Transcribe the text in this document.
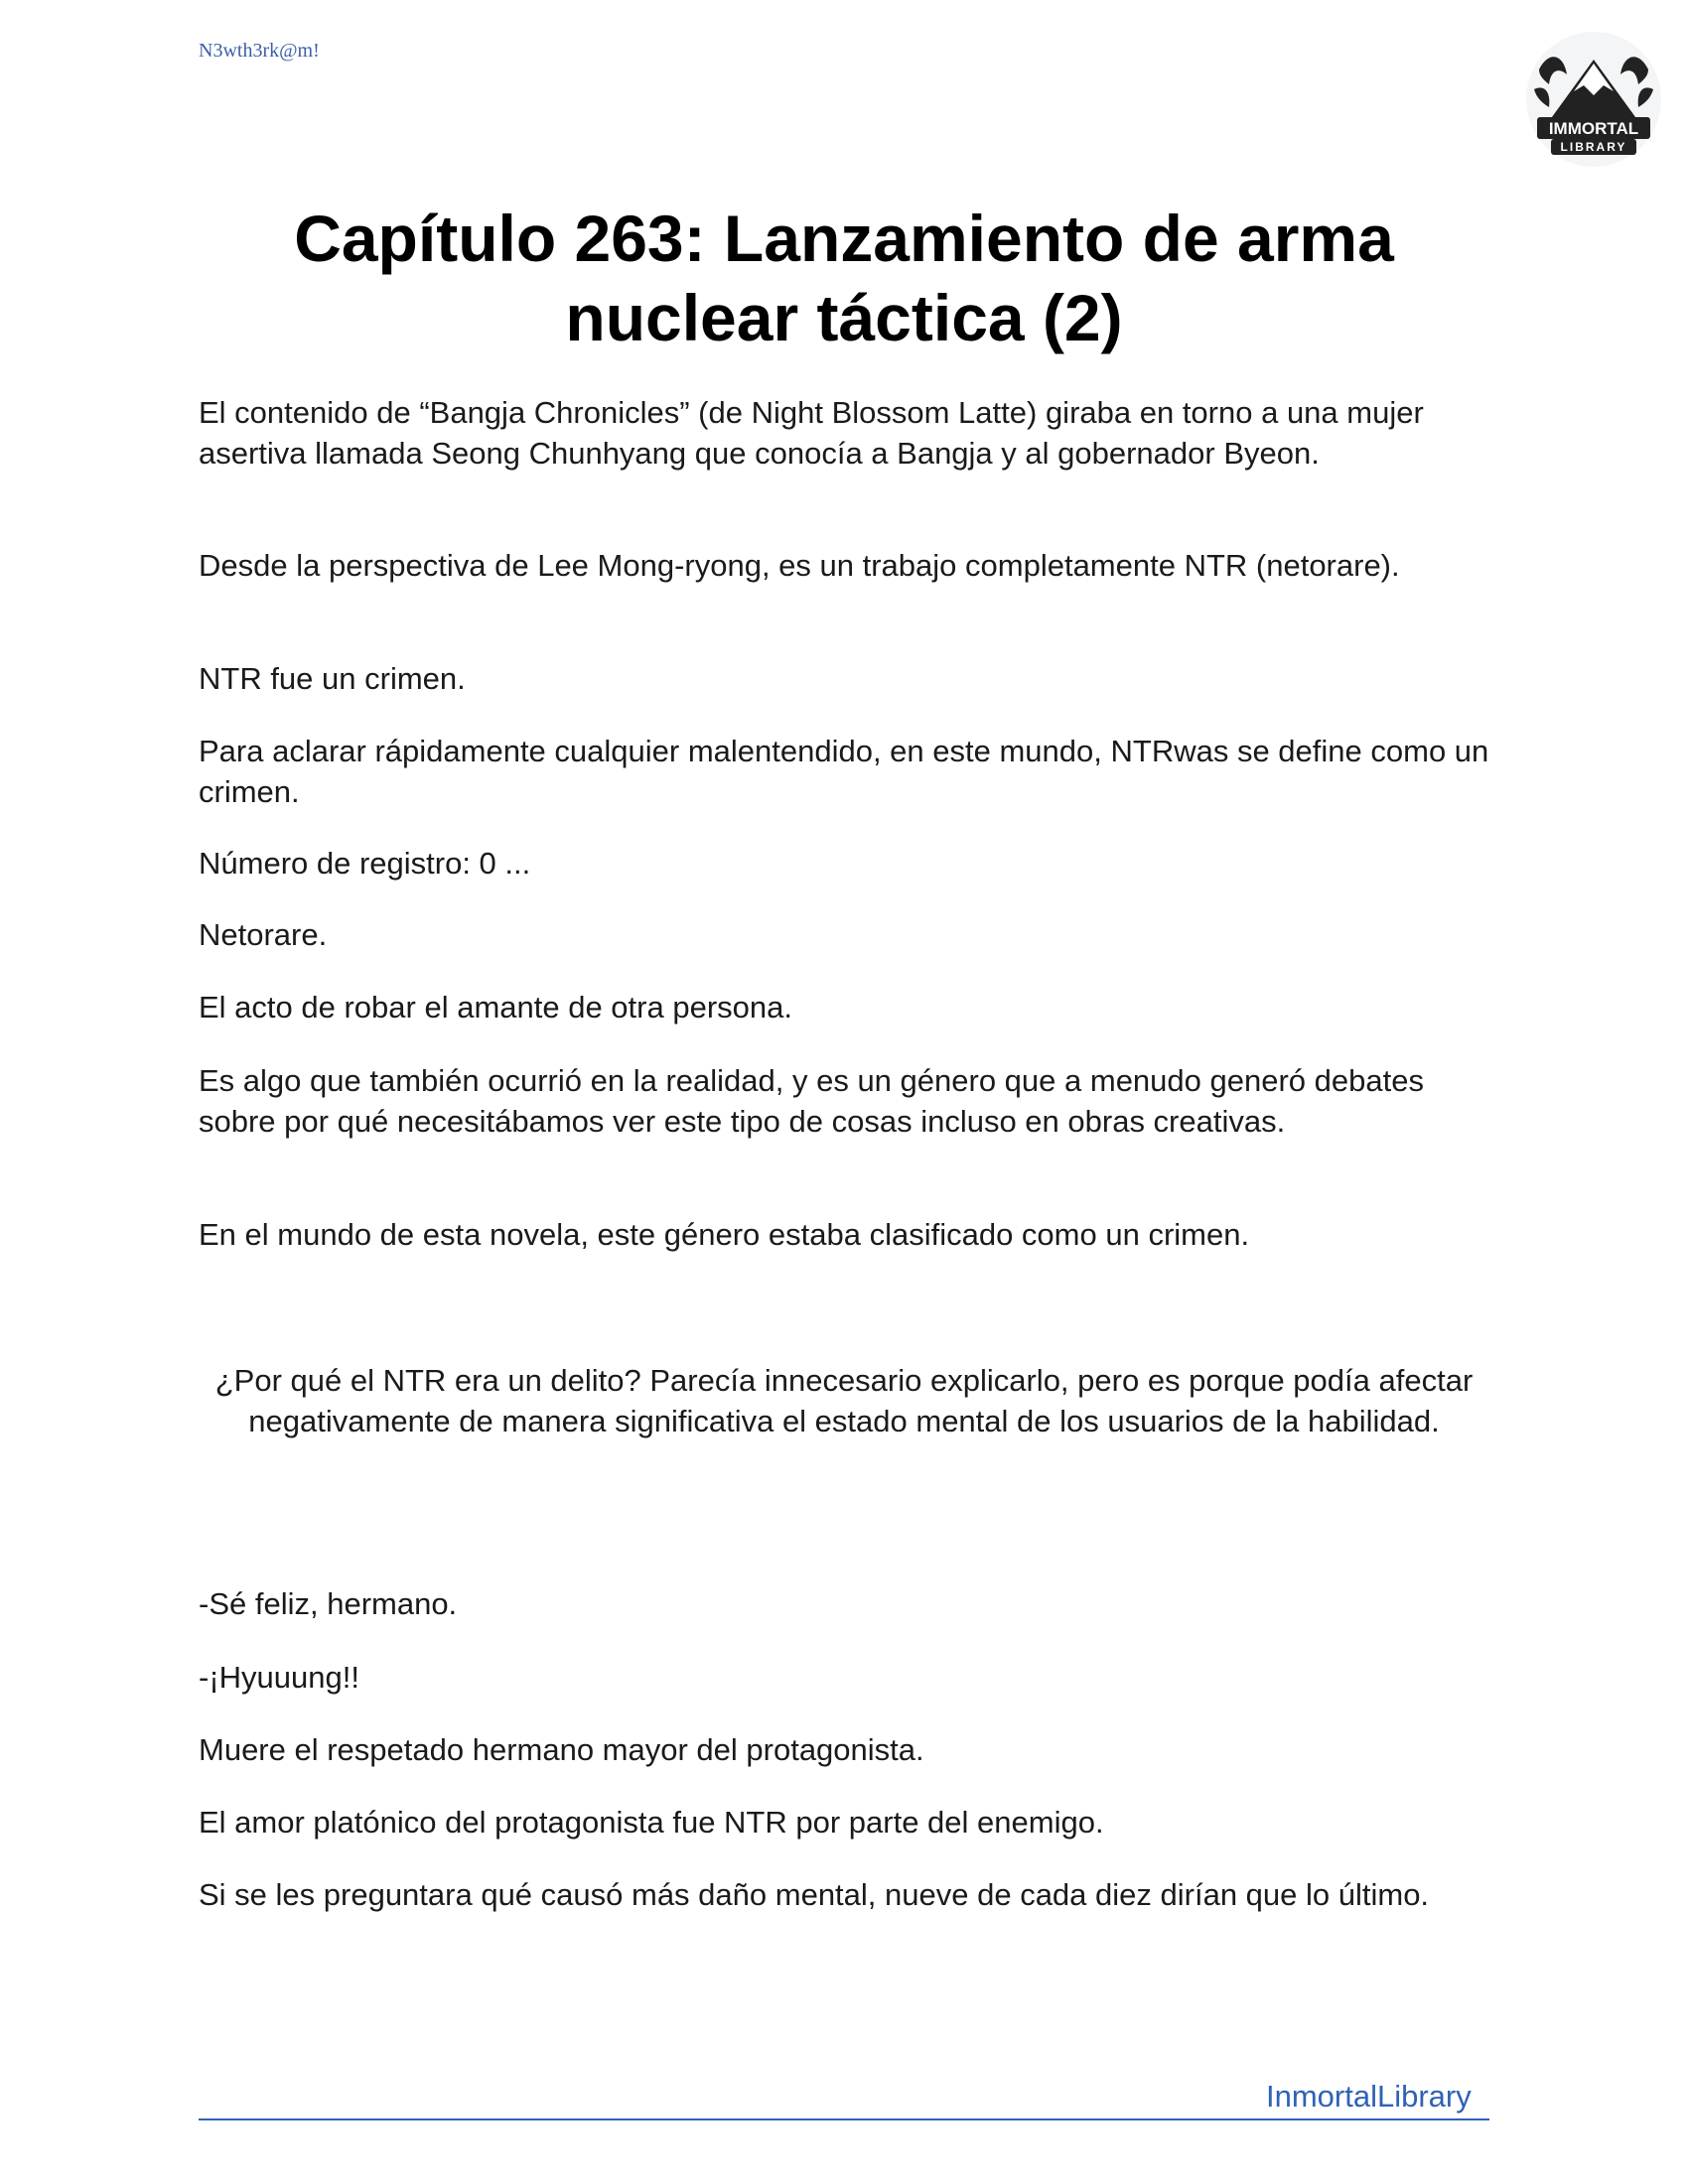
N3wth3rk@m!
IMMORTAL
LIBRARY
Capítulo 263: Lanzamiento de arma
nuclear táctica (2)

El contenido de “Bangja Chronicles” (de Night Blossom Latte) giraba en torno a una mujer asertiva llamada Seong Chunhyang que conocía a Bangja y al gobernador Byeon.

Desde la perspectiva de Lee Mong-ryong, es un trabajo completamente NTR (netorare).

NTR fue un crimen.

Para aclarar rápidamente cualquier malentendido, en este mundo, NTRwas se define como un crimen.

Número de registro: 0 ...

Netorare.

El acto de robar el amante de otra persona.

Es algo que también ocurrió en la realidad, y es un género que a menudo generó debates sobre por qué necesitábamos ver este tipo de cosas incluso en obras creativas.

En el mundo de esta novela, este género estaba clasificado como un crimen.

¿Por qué el NTR era un delito? Parecía innecesario explicarlo, pero es porque podía afectar negativamente de manera significativa el estado mental de los usuarios de la habilidad.

-Sé feliz, hermano.

-¡Hyuuung!!

Muere el respetado hermano mayor del protagonista.

El amor platónico del protagonista fue NTR por parte del enemigo.

Si se les preguntara qué causó más daño mental, nueve de cada diez dirían que lo último.

InmortalLibrary
